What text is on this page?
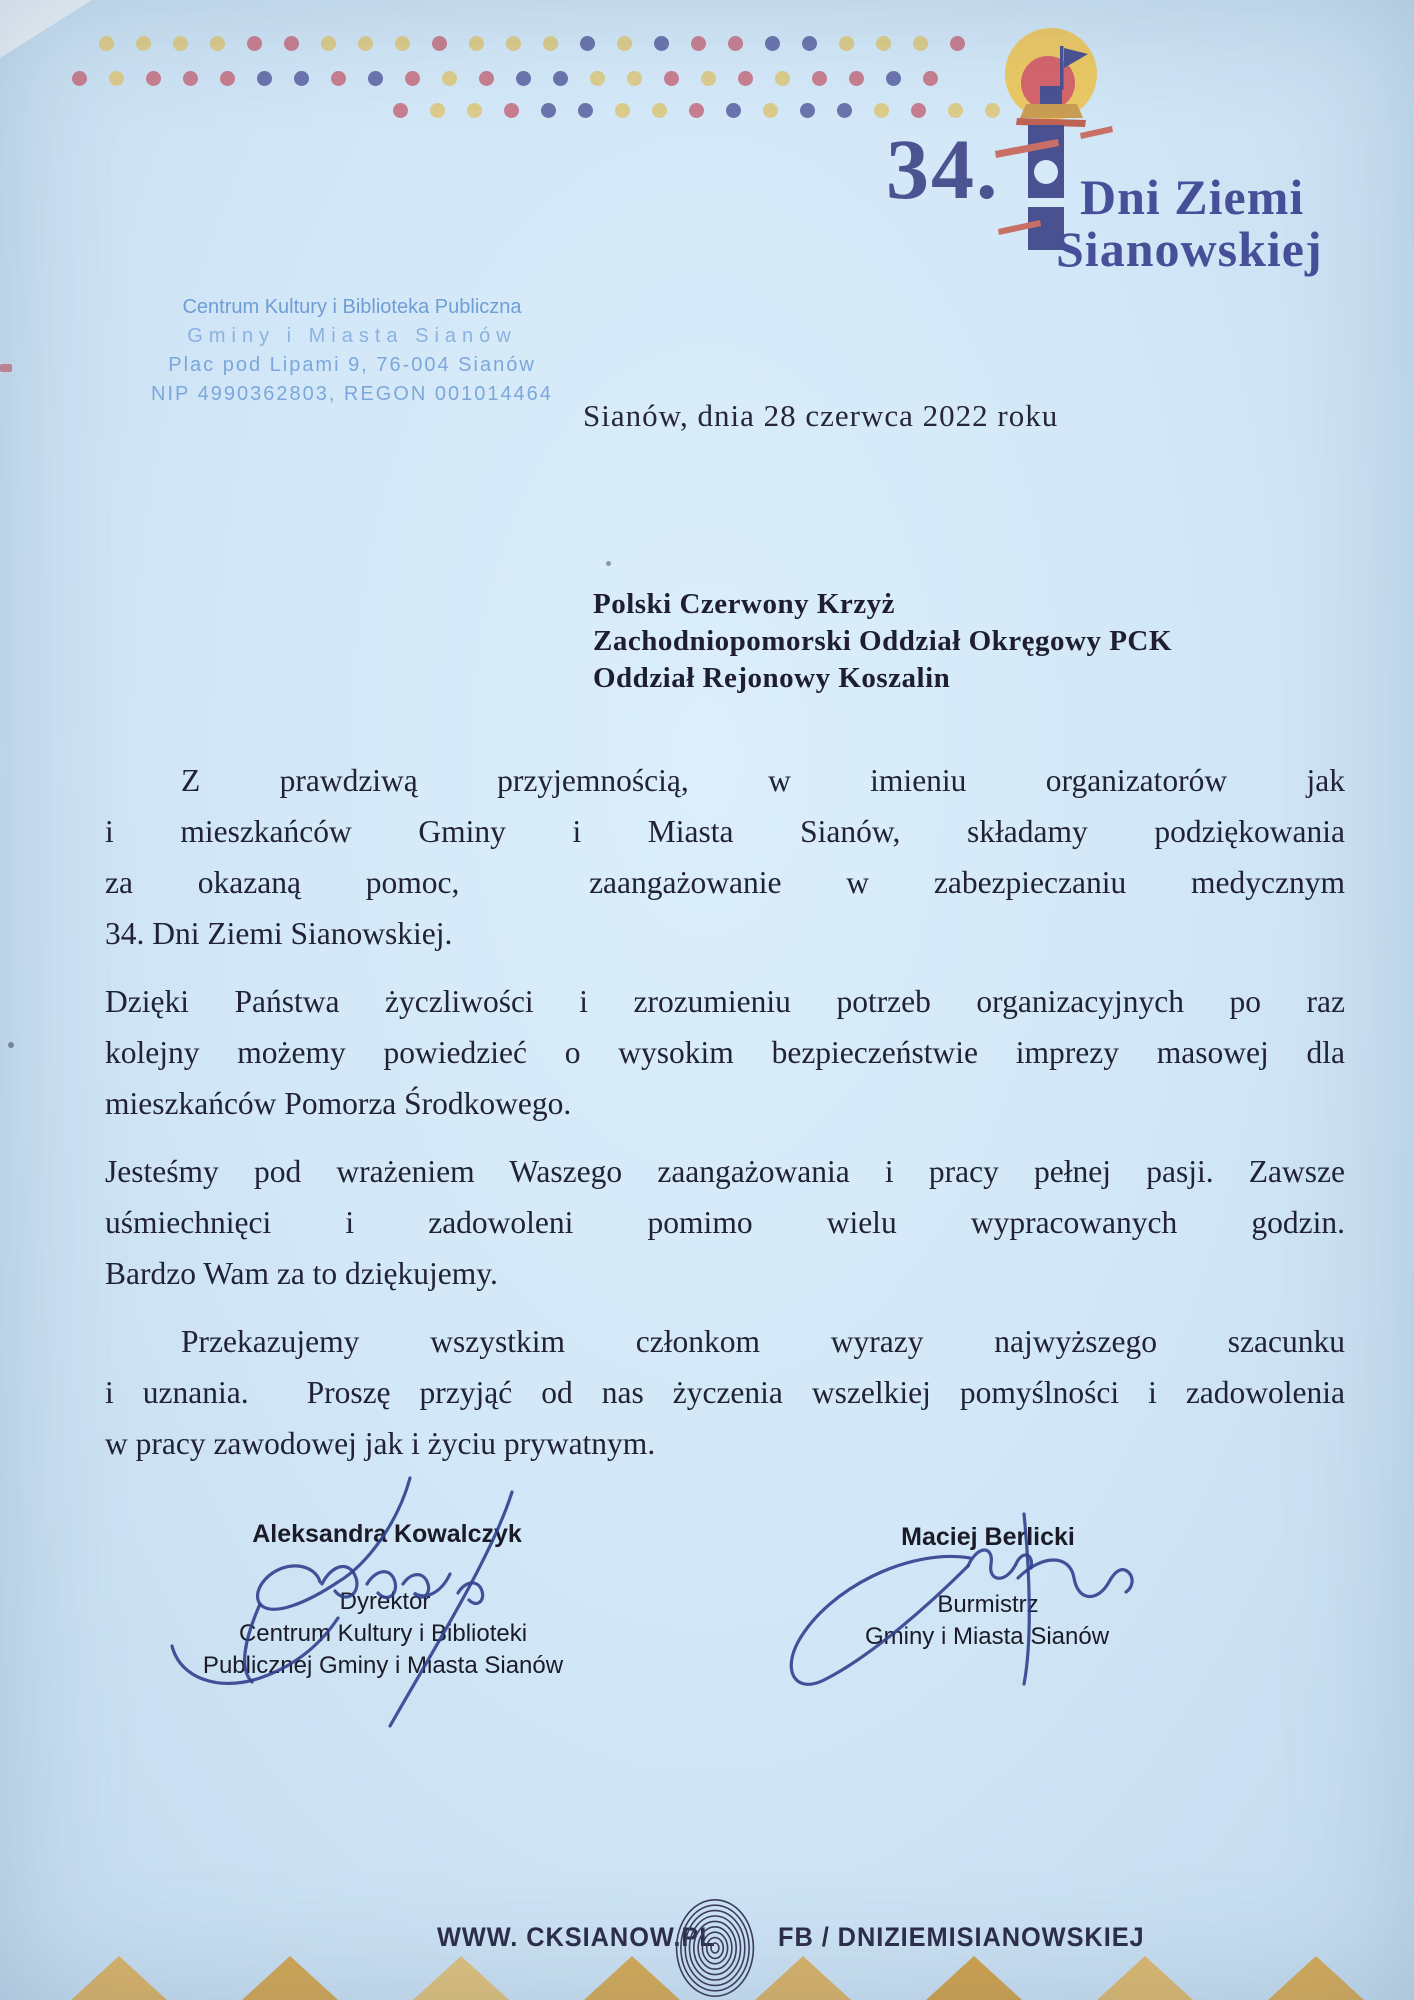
34. Dni Ziemi
Sianowskiej
Centrum Kultury i Biblioteka Publiczna
Gminy i Miasta Sianów
Plac pod Lipami 9, 76-004 Sianów
NIP 4990362803, REGON 001014464
Sianów, dnia 28 czerwca 2022 roku
Polski Czerwony Krzyż
Zachodniopomorski Oddział Okręgowy PCK
Oddział Rejonowy Koszalin
Z prawdziwą przyjemnością, w imieniu organizatorów jak
i mieszkańców Gminy i Miasta Sianów, składamy podziękowania
za okazaną pomoc,  zaangażowanie w zabezpieczaniu medycznym
34. Dni Ziemi Sianowskiej.
Dzięki Państwa życzliwości i zrozumieniu potrzeb organizacyjnych po raz
kolejny możemy powiedzieć o wysokim bezpieczeństwie imprezy masowej dla
mieszkańców Pomorza Środkowego.
Jesteśmy pod wrażeniem Waszego zaangażowania i pracy pełnej pasji. Zawsze
uśmiechnięci i zadowoleni pomimo wielu wypracowanych godzin.
Bardzo Wam za to dziękujemy.
Przekazujemy wszystkim członkom wyrazy najwyższego szacunku
i uznania.  Proszę przyjąć od nas życzenia wszelkiej pomyślności i zadowolenia
w pracy zawodowej jak i życiu prywatnym.
Aleksandra Kowalczyk
Dyrektor
Centrum Kultury i Biblioteki
Publicznej Gminy i Miasta Sianów
Maciej Berlicki
Burmistrz
Gminy i Miasta Sianów
WWW. CKSIANOW.PL FB / DNIZIEMISIANOWSKIEJ
